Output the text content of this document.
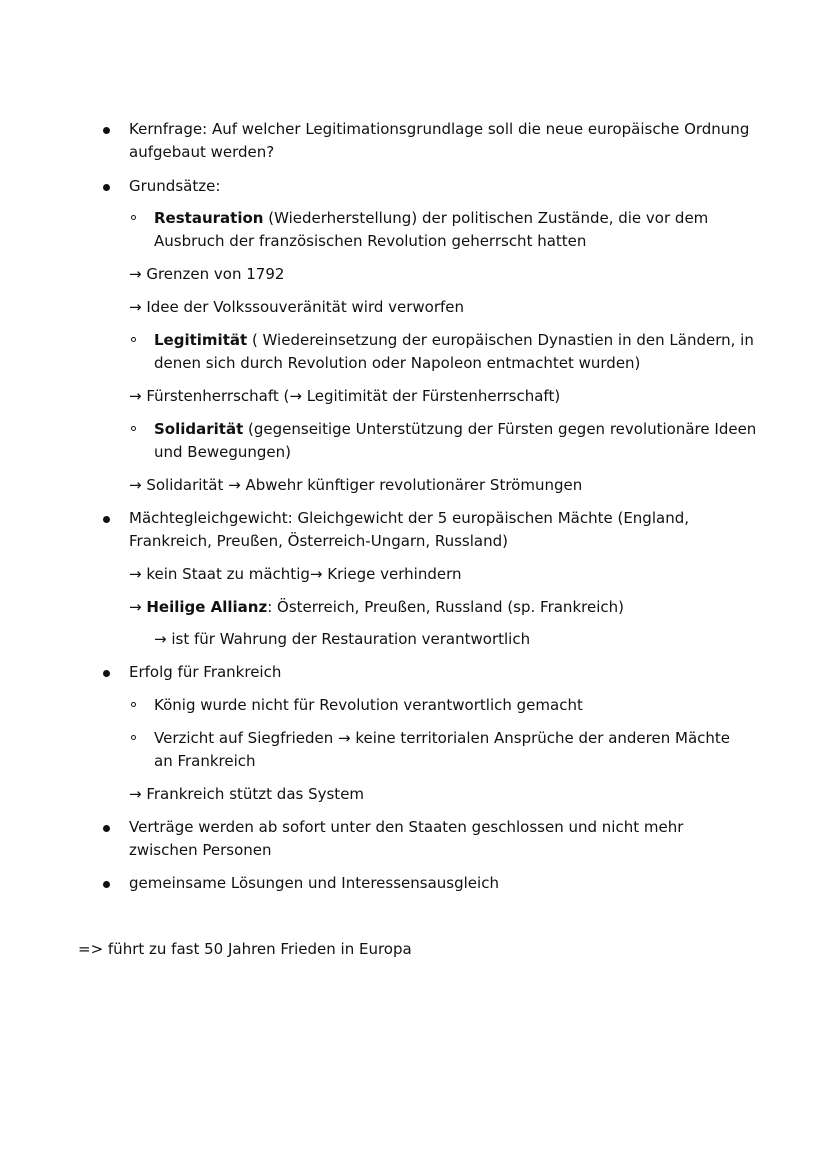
Kernfrage: Auf welcher Legitimationsgrundlage soll die neue europäische Ordnung
aufgebaut werden?
Grundsätze:
Restauration (Wiederherstellung) der politischen Zustände, die vor dem
Ausbruch der französischen Revolution geherrscht hatten
→ Grenzen von 1792
→ Idee der Volkssouveränität wird verworfen
Legitimität ( Wiedereinsetzung der europäischen Dynastien in den Ländern, in
denen sich durch Revolution oder Napoleon entmachtet wurden)
→ Fürstenherrschaft (→ Legitimität der Fürstenherrschaft)
Solidarität (gegenseitige Unterstützung der Fürsten gegen revolutionäre Ideen
und Bewegungen)
→ Solidarität → Abwehr künftiger revolutionärer Strömungen
Mächtegleichgewicht: Gleichgewicht der 5 europäischen Mächte (England,
Frankreich, Preußen, Österreich-Ungarn, Russland)
→ kein Staat zu mächtig→ Kriege verhindern
→ Heilige Allianz: Österreich, Preußen, Russland (sp. Frankreich)
→ ist für Wahrung der Restauration verantwortlich
Erfolg für Frankreich
König wurde nicht für Revolution verantwortlich gemacht
Verzicht auf Siegfrieden → keine territorialen Ansprüche der anderen Mächte
an Frankreich
→ Frankreich stützt das System
Verträge werden ab sofort unter den Staaten geschlossen und nicht mehr
zwischen Personen
gemeinsame Lösungen und Interessensausgleich
=> führt zu fast 50 Jahren Frieden in Europa
